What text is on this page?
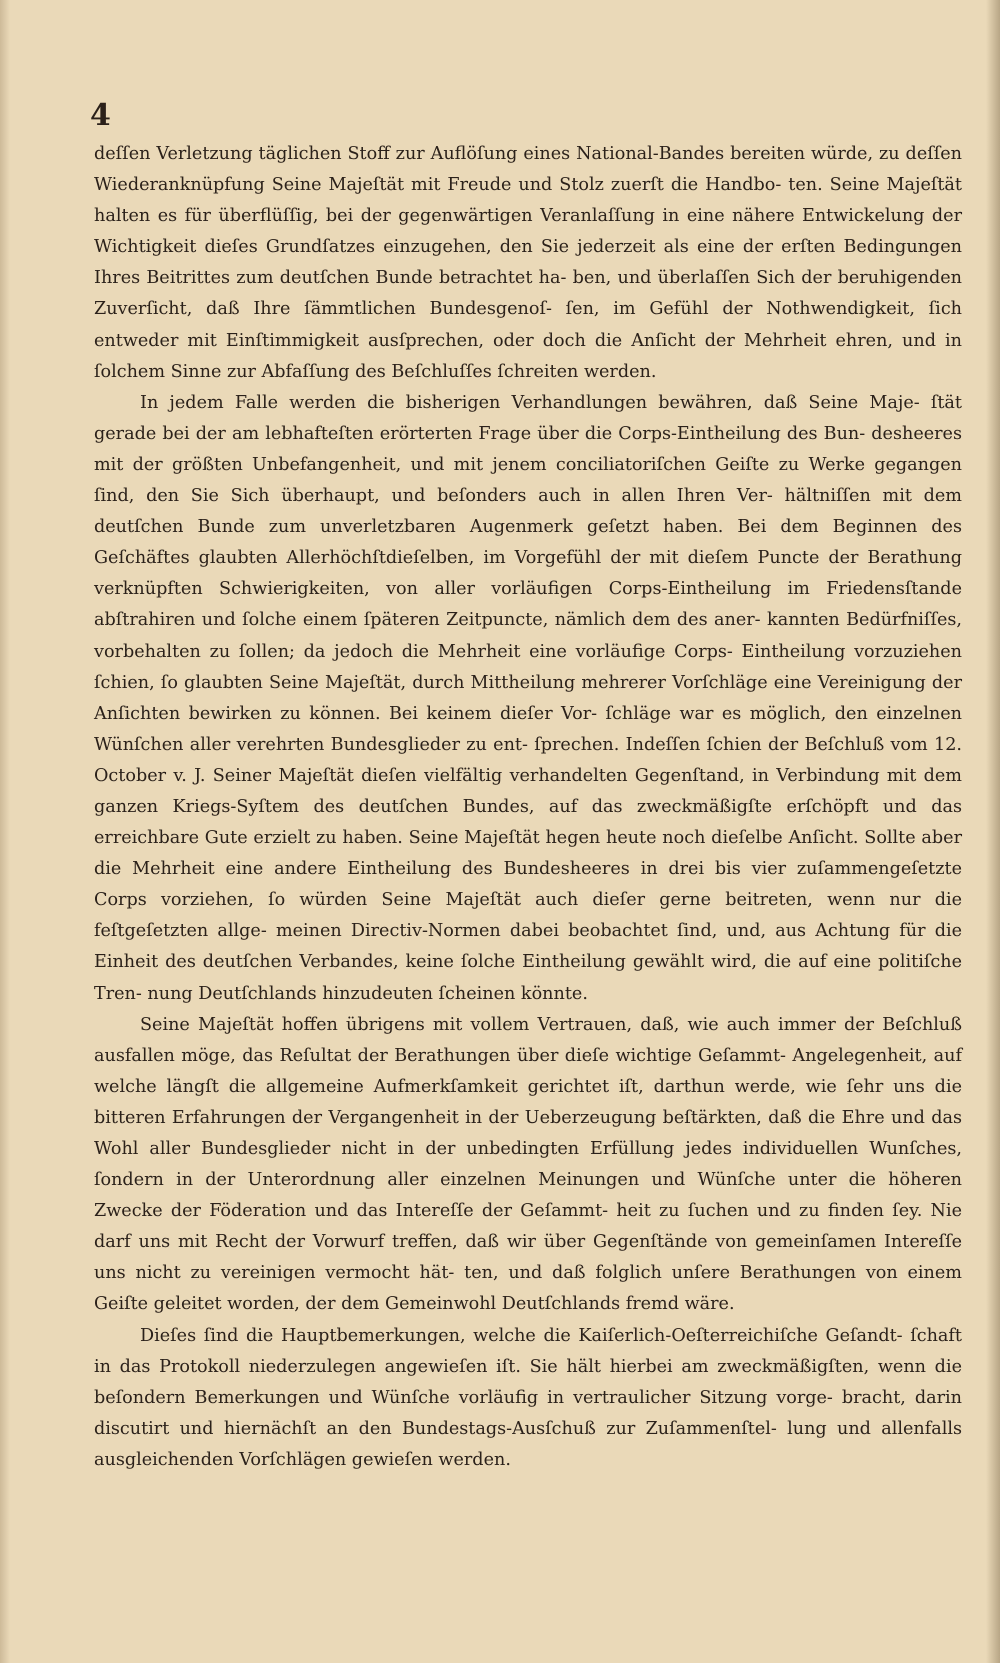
4

deſſen Verletzung täglichen Stoff zur Auflöſung eines National-Bandes bereiten würde, zu deſſen Wiederanknüpfung Seine Majeſtät mit Freude und Stolz zuerſt die Handbo- ten. Seine Majeſtät halten es für überflüſſig, bei der gegenwärtigen Veranlaſſung in eine nähere Entwickelung der Wichtigkeit dieſes Grundſatzes einzugehen, den Sie jederzeit als eine der erſten Bedingungen Ihres Beitrittes zum deutſchen Bunde betrachtet ha- ben, und überlaſſen Sich der beruhigenden Zuverſicht, daß Ihre ſämmtlichen Bundesgenoſ- ſen, im Gefühl der Nothwendigkeit, ſich entweder mit Einſtimmigkeit ausſprechen, oder doch die Anſicht der Mehrheit ehren, und in ſolchem Sinne zur Abfaſſung des Beſchluſſes ſchreiten werden.

In jedem Falle werden die bisherigen Verhandlungen bewähren, daß Seine Maje- ſtät gerade bei der am lebhafteſten erörterten Frage über die Corps-Eintheilung des Bun- desheeres mit der größten Unbefangenheit, und mit jenem conciliatoriſchen Geiſte zu Werke gegangen ſind, den Sie Sich überhaupt, und beſonders auch in allen Ihren Ver- hältniſſen mit dem deutſchen Bunde zum unverletzbaren Augenmerk geſetzt haben. Bei dem Beginnen des Geſchäftes glaubten Allerhöchſtdieſelben, im Vorgefühl der mit dieſem Puncte der Berathung verknüpften Schwierigkeiten, von aller vorläufigen Corps-Eintheilung im Friedensſtande abſtrahiren und ſolche einem ſpäteren Zeitpuncte, nämlich dem des aner- kannten Bedürfniſſes, vorbehalten zu ſollen; da jedoch die Mehrheit eine vorläufige Corps- Eintheilung vorzuziehen ſchien, ſo glaubten Seine Majeſtät, durch Mittheilung mehrerer Vorſchläge eine Vereinigung der Anſichten bewirken zu können. Bei keinem dieſer Vor- ſchläge war es möglich, den einzelnen Wünſchen aller verehrten Bundesglieder zu ent- ſprechen. Indeſſen ſchien der Beſchluß vom 12. October v. J. Seiner Majeſtät dieſen vielfältig verhandelten Gegenſtand, in Verbindung mit dem ganzen Kriegs-Syſtem des deutſchen Bundes, auf das zweckmäßigſte erſchöpft und das erreichbare Gute erzielt zu haben. Seine Majeſtät hegen heute noch dieſelbe Anſicht. Sollte aber die Mehrheit eine andere Eintheilung des Bundesheeres in drei bis vier zuſammengeſetzte Corps vorziehen, ſo würden Seine Majeſtät auch dieſer gerne beitreten, wenn nur die feſtgeſetzten allge- meinen Directiv-Normen dabei beobachtet ſind, und, aus Achtung für die Einheit des deutſchen Verbandes, keine ſolche Eintheilung gewählt wird, die auf eine politiſche Tren- nung Deutſchlands hinzudeuten ſcheinen könnte.

Seine Majeſtät hoffen übrigens mit vollem Vertrauen, daß, wie auch immer der Beſchluß ausfallen möge, das Reſultat der Berathungen über dieſe wichtige Geſammt- Angelegenheit, auf welche längſt die allgemeine Aufmerkſamkeit gerichtet iſt, darthun werde, wie ſehr uns die bitteren Erfahrungen der Vergangenheit in der Ueberzeugung beſtärkten, daß die Ehre und das Wohl aller Bundesglieder nicht in der unbedingten Erfüllung jedes individuellen Wunſches, ſondern in der Unterordnung aller einzelnen Meinungen und Wünſche unter die höheren Zwecke der Föderation und das Intereſſe der Geſammt- heit zu ſuchen und zu finden ſey. Nie darf uns mit Recht der Vorwurf treffen, daß wir über Gegenſtände von gemeinſamen Intereſſe uns nicht zu vereinigen vermocht hät- ten, und daß folglich unſere Berathungen von einem Geiſte geleitet worden, der dem Gemeinwohl Deutſchlands fremd wäre.

Dieſes ſind die Hauptbemerkungen, welche die Kaiſerlich-Oeſterreichiſche Geſandt- ſchaft in das Protokoll niederzulegen angewieſen iſt. Sie hält hierbei am zweckmäßigſten, wenn die beſondern Bemerkungen und Wünſche vorläufig in vertraulicher Sitzung vorge- bracht, darin discutirt und hiernächſt an den Bundestags-Ausſchuß zur Zuſammenſtel- lung und allenfalls ausgleichenden Vorſchlägen gewieſen werden.
